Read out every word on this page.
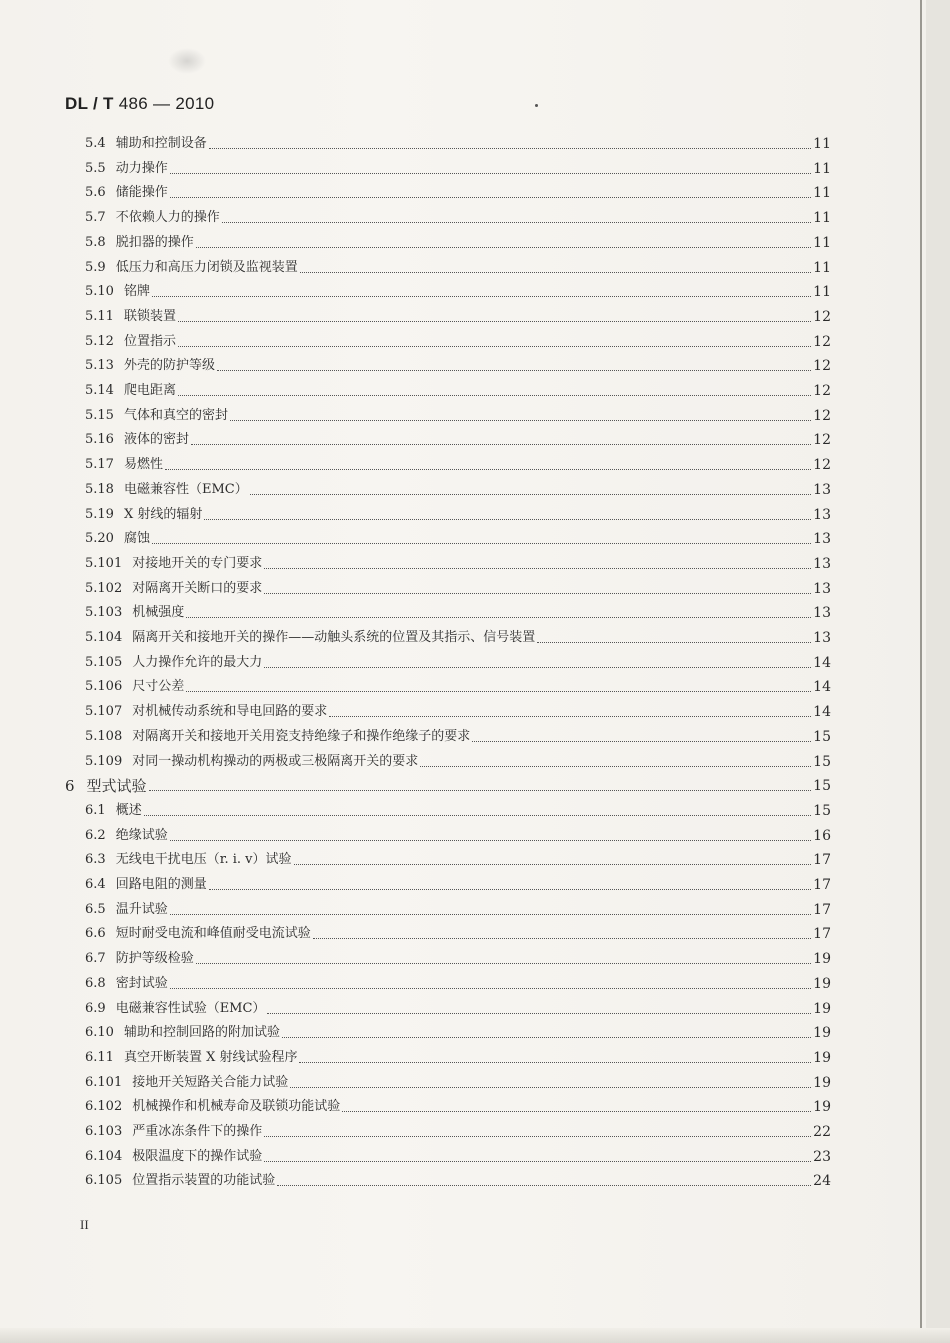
DL / T 486 — 2010
5.4 辅助和控制设备	11
5.5 动力操作	11
5.6 储能操作	11
5.7 不依赖人力的操作	11
5.8 脱扣器的操作	11
5.9 低压力和高压力闭锁及监视装置	11
5.10 铭牌	11
5.11 联锁装置	12
5.12 位置指示	12
5.13 外壳的防护等级	12
5.14 爬电距离	12
5.15 气体和真空的密封	12
5.16 液体的密封	12
5.17 易燃性	12
5.18 电磁兼容性（EMC）	13
5.19 X 射线的辐射	13
5.20 腐蚀	13
5.101 对接地开关的专门要求	13
5.102 对隔离开关断口的要求	13
5.103 机械强度	13
5.104 隔离开关和接地开关的操作——动触头系统的位置及其指示、信号装置	13
5.105 人力操作允许的最大力	14
5.106 尺寸公差	14
5.107 对机械传动系统和导电回路的要求	14
5.108 对隔离开关和接地开关用瓷支持绝缘子和操作绝缘子的要求	15
5.109 对同一操动机构操动的两极或三极隔离开关的要求	15
6 型式试验	15
6.1 概述	15
6.2 绝缘试验	16
6.3 无线电干扰电压（r. i. v）试验	17
6.4 回路电阻的测量	17
6.5 温升试验	17
6.6 短时耐受电流和峰值耐受电流试验	17
6.7 防护等级检验	19
6.8 密封试验	19
6.9 电磁兼容性试验（EMC）	19
6.10 辅助和控制回路的附加试验	19
6.11 真空开断装置 X 射线试验程序	19
6.101 接地开关短路关合能力试验	19
6.102 机械操作和机械寿命及联锁功能试验	19
6.103 严重冰冻条件下的操作	22
6.104 极限温度下的操作试验	23
6.105 位置指示装置的功能试验	24
II
